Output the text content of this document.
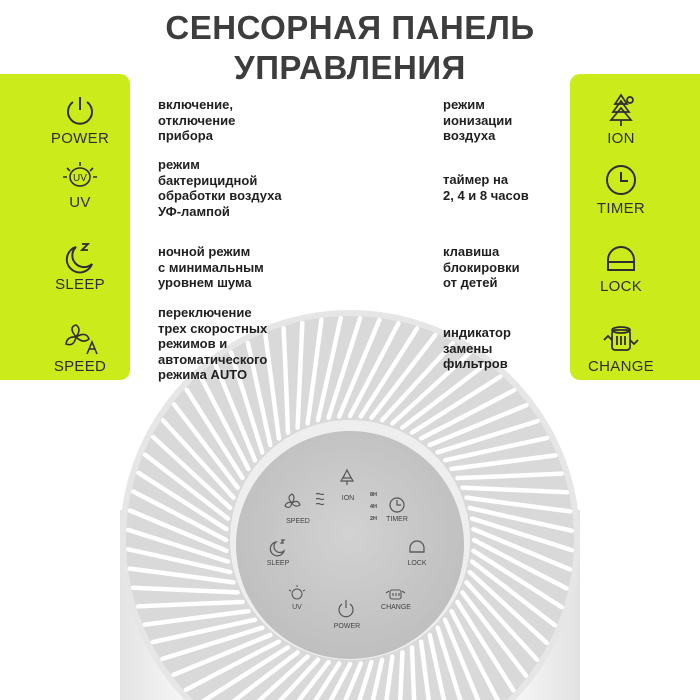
СЕНСОРНАЯ ПАНЕЛЬ
УПРАВЛЕНИЯ
ION
SPEED
8H
4H
2H TIMER
SLEEP	LOCK
UV	CHANGE
POWER
POWER
UV
UV
SLEEP
SPEED
ION
TIMER
LOCK
CHANGE
включение,
отключение
прибора
режим
бактерицидной
обработки воздуха
УФ-лампой
ночной режим
с минимальным
уровнем шума
переключение
трех скоростных
режимов и
автоматического
режима AUTO
режим
ионизации
воздуха
таймер на
2, 4 и 8 часов
клавиша
блокировки
от детей
индикатор
замены
фильтров
